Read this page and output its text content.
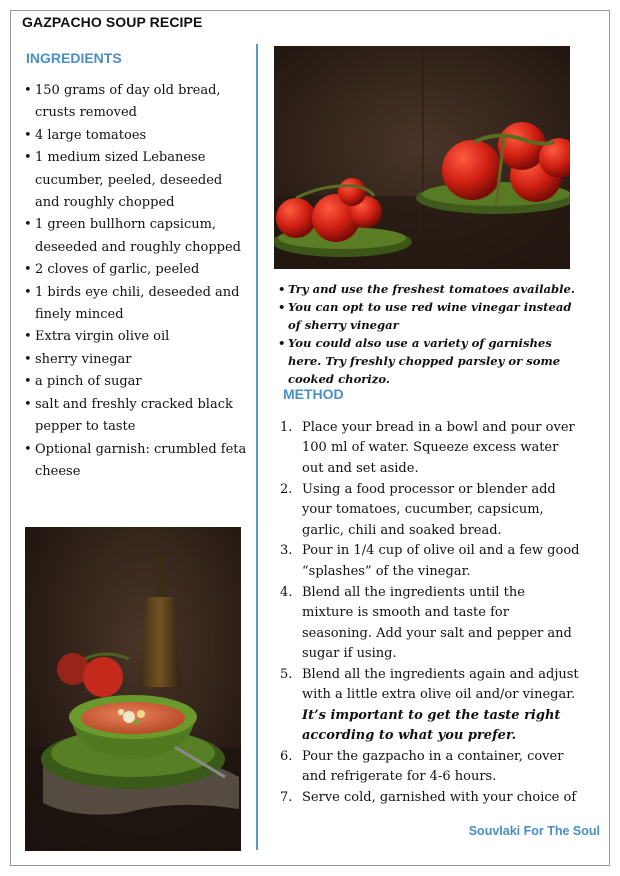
GAZPACHO SOUP RECIPE
INGREDIENTS
• 150 grams of day old bread, crusts removed
• 4 large tomatoes
• 1 medium sized Lebanese cucumber, peeled, deseeded and roughly chopped
• 1 green bullhorn capsicum, deseeded and roughly chopped
• 2 cloves of garlic, peeled
• 1 birds eye chili, deseeded and finely minced
• Extra virgin olive oil
• sherry vinegar
• a pinch of sugar
• salt and freshly cracked black pepper to taste
• Optional garnish: crumbled feta cheese
• Try and use the freshest tomatoes available.
• You can opt to use red wine vinegar instead of sherry vinegar
• You could also use a variety of garnishes here. Try freshly chopped parsley or some cooked chorizo.
METHOD
1. Place your bread in a bowl and pour over 100 ml of water. Squeeze excess water out and set aside.
2. Using a food processor or blender add your tomatoes, cucumber, capsicum, garlic, chili and soaked bread.
3. Pour in 1/4 cup of olive oil and a few good “splashes” of the vinegar.
4. Blend all the ingredients until the mixture is smooth and taste for seasoning. Add your salt and pepper and sugar if using.
5. Blend all the ingredients again and adjust with a little extra olive oil and/or vinegar. It’s important to get the taste right according to what you prefer.
6. Pour the gazpacho in a container, cover and refrigerate for 4-6 hours.
7. Serve cold, garnished with your choice of
Souvlaki For The Soul
